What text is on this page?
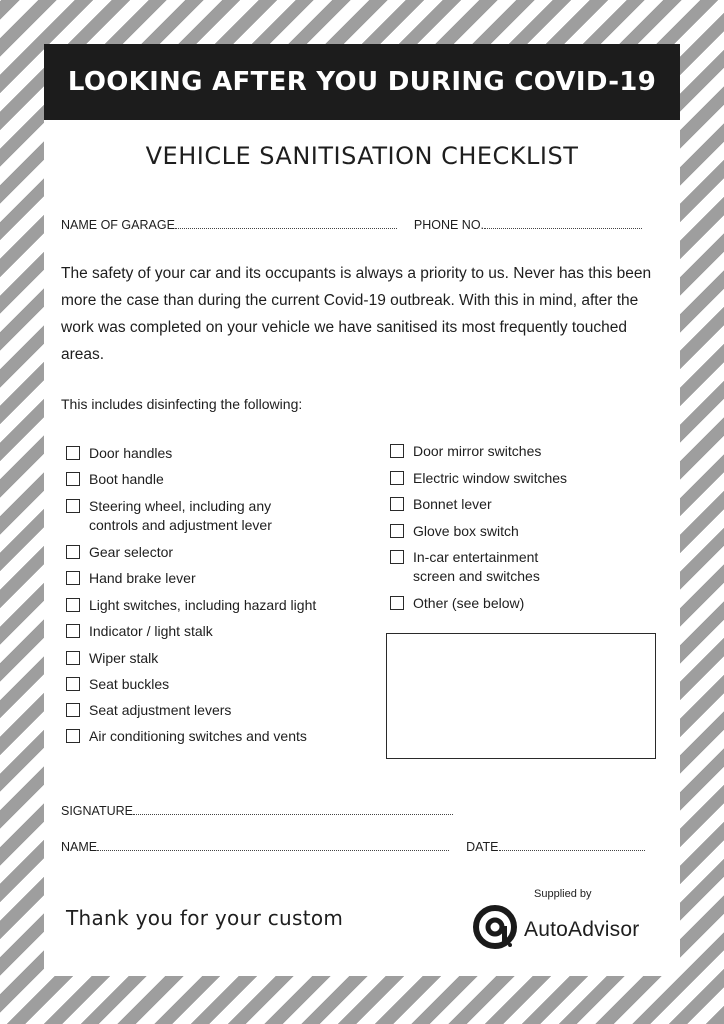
LOOKING AFTER YOU DURING COVID-19
VEHICLE SANITISATION CHECKLIST
NAME OF GARAGE	PHONE NO.
The safety of your car and its occupants is always a priority to us. Never has this been more the case than during the current Covid-19 outbreak. With this in mind, after the work was completed on your vehicle we have sanitised its most frequently touched areas.
This includes disinfecting the following:
Door handles
Boot handle
Steering wheel, including any controls and adjustment lever
Gear selector
Hand brake lever
Light switches, including hazard light
Indicator / light stalk
Wiper stalk
Seat buckles
Seat adjustment levers
Air conditioning switches and vents
Door mirror switches
Electric window switches
Bonnet lever
Glove box switch
In-car entertainment screen and switches
Other (see below)
SIGNATURE
NAME	DATE
Thank you for your custom
Supplied by
AutoAdvisor
